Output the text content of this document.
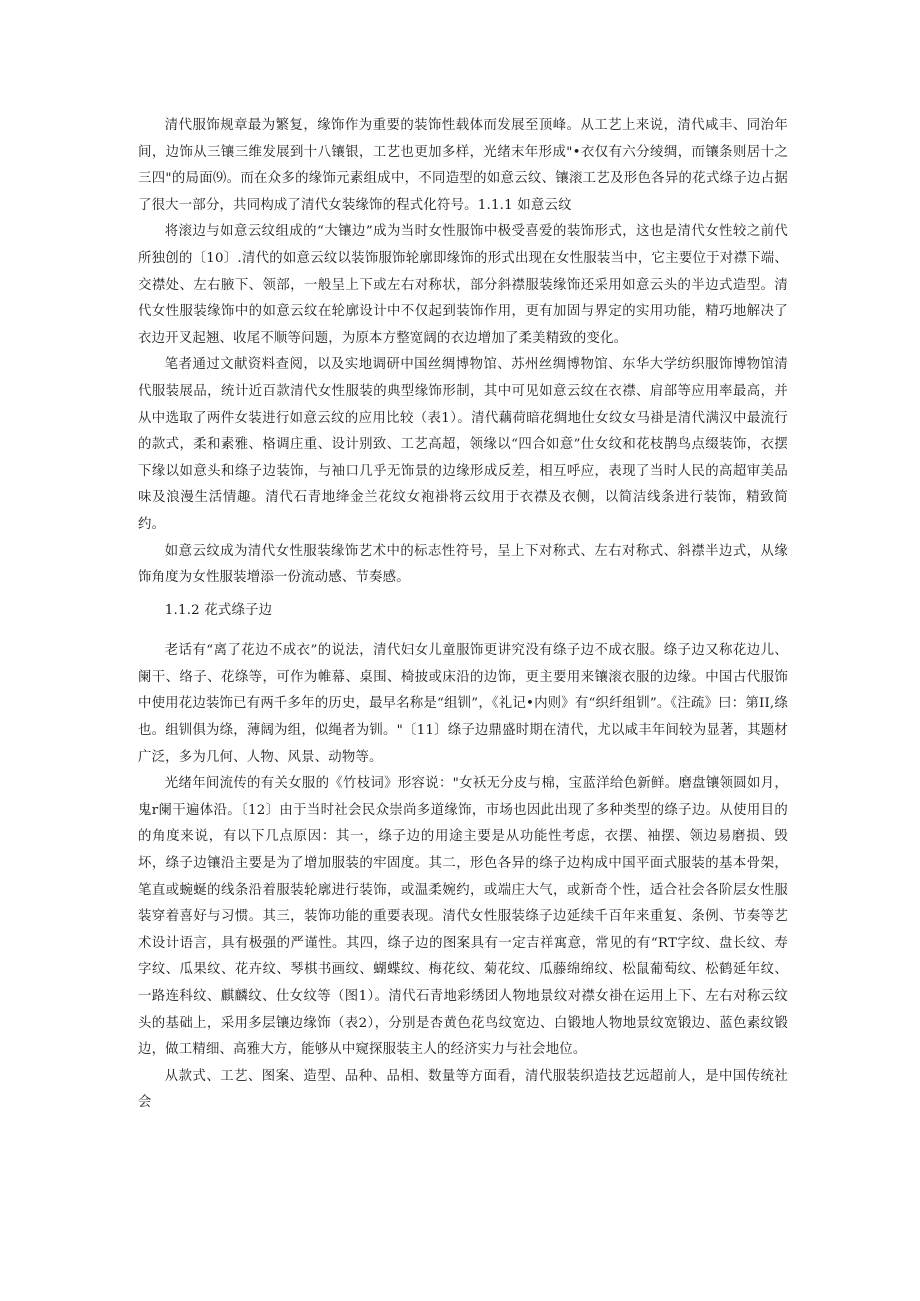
清代服饰规章最为繁复，缘饰作为重要的装饰性载体而发展至顶峰。从工艺上来说，清代咸丰、同治年间，边饰从三镶三维发展到十八镶银，工艺也更加多样，光绪末年形成"•衣仅有六分绫绸，而镶条则居十之三四"的局面⑼。而在众多的缘饰元素组成中，不同造型的如意云纹、镶滚工艺及形色各异的花式绦子边占据了很大一部分，共同构成了清代女装缘饰的程式化符号。1.1.1 如意云纹

将滚边与如意云纹组成的“大镶边”成为当时女性服饰中极受喜爱的装饰形式，这也是清代女性较之前代所独创的〔10〕.清代的如意云纹以装饰服饰轮廓即缘饰的形式出现在女性服装当中，它主要位于对襟下端、交襟处、左右腋下、领部，一般呈上下或左右对称状，部分斜襟服装缘饰还采用如意云头的半边式造型。清代女性服装缘饰中的如意云纹在轮廓设计中不仅起到装饰作用，更有加固与界定的实用功能，精巧地解决了衣边开叉起翘、收尾不顺等问题，为原本方整宽阔的衣边增加了柔美精致的变化。

笔者通过文献资料查阅，以及实地调研中国丝绸博物馆、苏州丝绸博物馆、东华大学纺织服饰博物馆清代服装展品，统计近百款清代女性服装的典型缘饰形制，其中可见如意云纹在衣襟、肩部等应用率最高，并从中选取了两件女装进行如意云纹的应用比较（表1）。清代藕荷暗花绸地仕女纹女马褂是清代满汉中最流行的款式，柔和素雅、格调庄重、设计别致、工艺高超，领缘以“四合如意”仕女纹和花枝鹊鸟点缀装饰，衣摆下缘以如意头和绦子边装饰，与袖口几乎无饰景的边缘形成反差，相互呼应，表现了当时人民的高超审美品味及浪漫生活情趣。清代石青地绛金兰花纹女袍褂将云纹用于衣襟及衣侧，以简洁线条进行装饰，精致简约。

如意云纹成为清代女性服装缘饰艺术中的标志性符号，呈上下对称式、左右对称式、斜襟半边式，从缘饰角度为女性服装增添一份流动感、节奏感。

1.1.2 花式绦子边

老话有“离了花边不成衣”的说法，清代妇女儿童服饰更讲究没有绦子边不成衣服。绦子边又称花边儿、阑干、络子、花绦等，可作为帷幕、桌围、椅披或床沿的边饰，更主要用来镶滚衣服的边缘。中国古代服饰中使用花边装饰已有两千多年的历史，最早名称是“组钏”，《礼记•内则》有“织纤组钏”。《注疏》曰：第II,绦也。组钏俱为绦，薄阔为组，似绳者为钏。"〔11〕绦子边鼎盛时期在清代，尤以咸丰年间较为显著，其题材广泛，多为几何、人物、风景、动物等。

光绪年间流传的有关女服的《竹枝词》形容说："女袄无分皮与棉，宝蓝洋给色新鲜。磨盘镶领圆如月，鬼r阑干遍体沿。〔12〕由于当时社会民众崇尚多道缘饰，市场也因此出现了多种类型的绦子边。从使用目的的角度来说，有以下几点原因：其一，绦子边的用途主要是从功能性考虑，衣摆、袖摆、领边易磨损、毁坏，绦子边镶沿主要是为了增加服装的牢固度。其二，形色各异的绦子边构成中国平面式服装的基本骨架，笔直或蜿蜒的线条沿着服装轮廓进行装饰，或温柔婉约，或端庄大气，或新奇个性，适合社会各阶层女性服装穿着喜好与习惯。其三，装饰功能的重要表现。清代女性服装绦子边延续千百年来重复、条例、节奏等艺术设计语言，具有极强的严谨性。其四，绦子边的图案具有一定吉祥寓意，常见的有“RT字纹、盘长纹、寿字纹、瓜果纹、花卉纹、琴棋书画纹、蝴蝶纹、梅花纹、菊花纹、瓜藤绵绵纹、松鼠葡萄纹、松鹤延年纹、一路连科纹、麒麟纹、仕女纹等（图1）。清代石青地彩绣团人物地景纹对襟女褂在运用上下、左右对称云纹头的基础上，采用多层镶边缘饰（表2），分别是杏黄色花鸟纹宽边、白锻地人物地景纹宽锻边、蓝色素纹锻边，做工精细、高雅大方，能够从中窥探服装主人的经济实力与社会地位。

从款式、工艺、图案、造型、品种、品相、数量等方面看，清代服装织造技艺远超前人，是中国传统社会
